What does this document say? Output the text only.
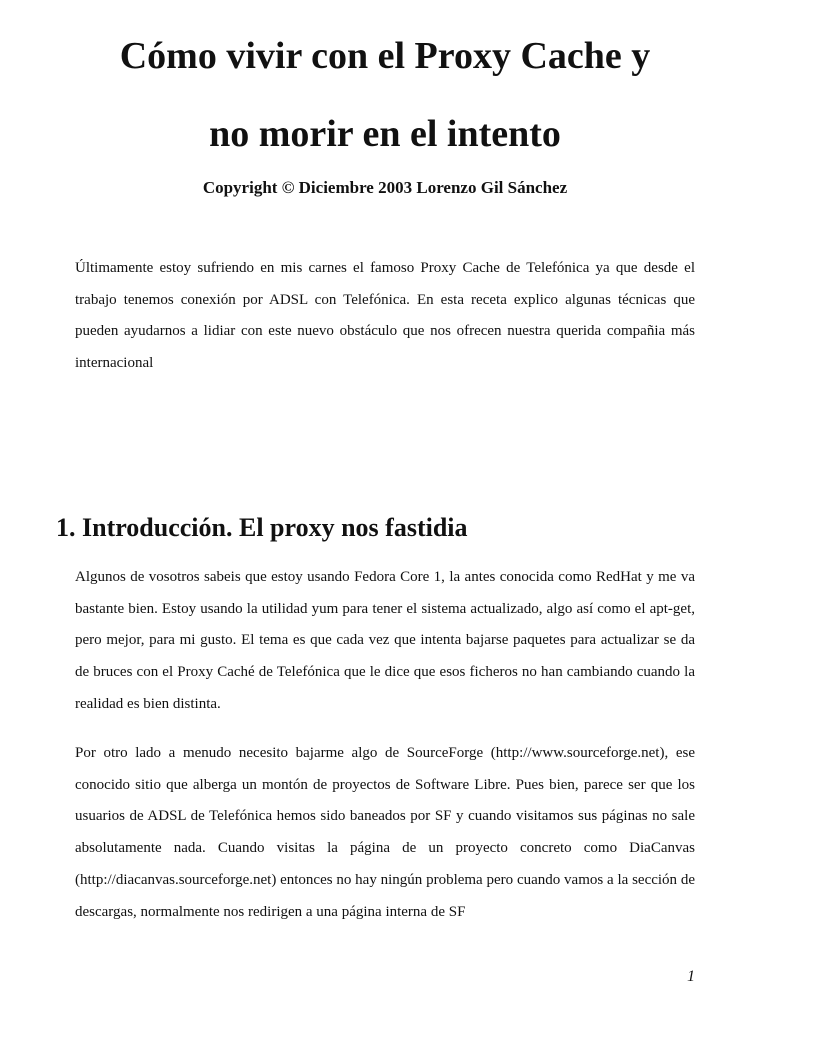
Cómo vivir con el Proxy Cache y
no morir en el intento

Copyright © Diciembre 2003 Lorenzo Gil Sánchez

Últimamente estoy sufriendo en mis carnes el famoso Proxy Cache de Telefónica ya que desde el trabajo tenemos conexión por ADSL con Telefónica. En esta receta explico algunas técnicas que pueden ayudarnos a lidiar con este nuevo obstáculo que nos ofrecen nuestra querida compañia más internacional

1. Introducción. El proxy nos fastidia

Algunos de vosotros sabeis que estoy usando Fedora Core 1, la antes conocida como RedHat y me va bastante bien. Estoy usando la utilidad yum para tener el sistema actualizado, algo así como el apt-get, pero mejor, para mi gusto. El tema es que cada vez que intenta bajarse paquetes para actualizar se da de bruces con el Proxy Caché de Telefónica que le dice que esos ficheros no han cambiando cuando la realidad es bien distinta.

Por otro lado a menudo necesito bajarme algo de SourceForge (http://www.sourceforge.net), ese conocido sitio que alberga un montón de proyectos de Software Libre. Pues bien, parece ser que los usuarios de ADSL de Telefónica hemos sido baneados por SF y cuando visitamos sus páginas no sale absolutamente nada. Cuando visitas la página de un proyecto concreto como DiaCanvas (http://diacanvas.sourceforge.net) entonces no hay ningún problema pero cuando vamos a la sección de descargas, normalmente nos redirigen a una página interna de SF

1
